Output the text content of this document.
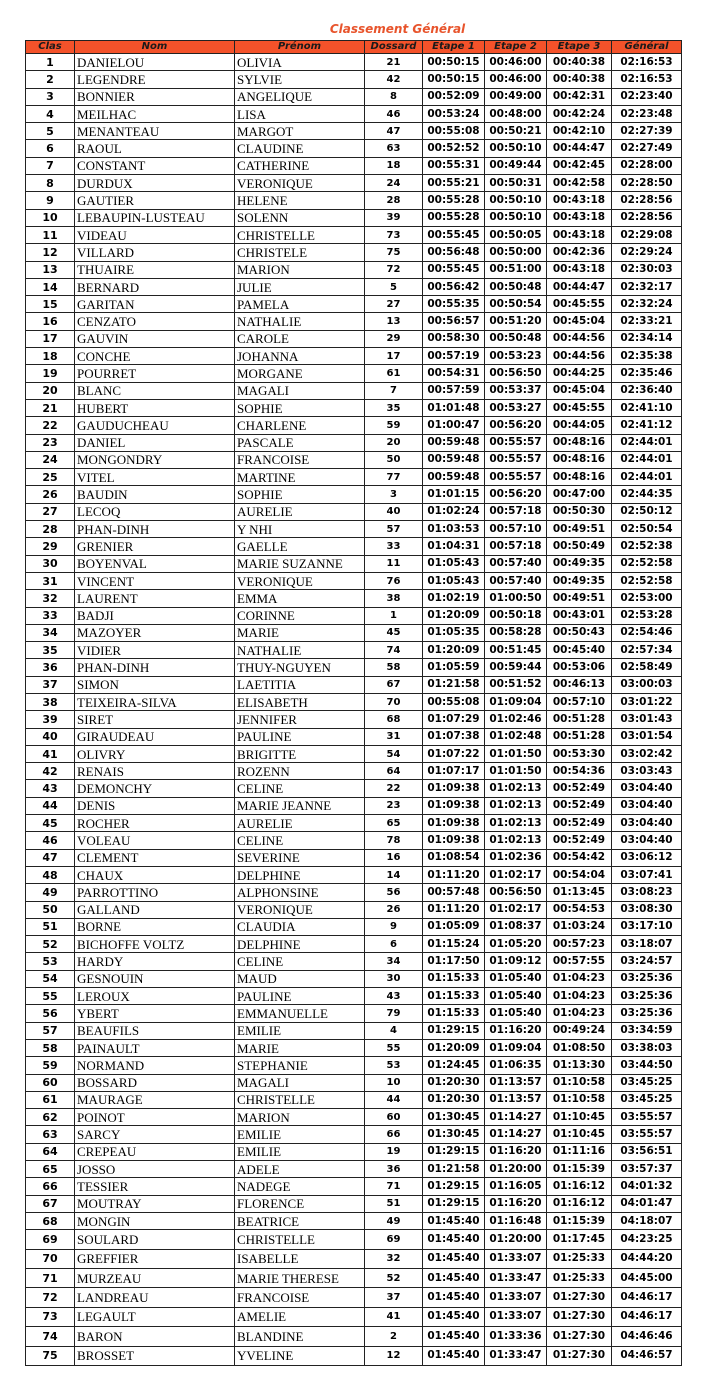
Classement Général
Clas	Nom	Prénom	Dossard	Etape 1	Etape 2	Etape 3	Général
1	DANIELOU	OLIVIA	21	00:50:15	00:46:00	00:40:38	02:16:53
2	LEGENDRE	SYLVIE	42	00:50:15	00:46:00	00:40:38	02:16:53
3	BONNIER	ANGELIQUE	8	00:52:09	00:49:00	00:42:31	02:23:40
4	MEILHAC	LISA	46	00:53:24	00:48:00	00:42:24	02:23:48
5	MENANTEAU	MARGOT	47	00:55:08	00:50:21	00:42:10	02:27:39
6	RAOUL	CLAUDINE	63	00:52:52	00:50:10	00:44:47	02:27:49
7	CONSTANT	CATHERINE	18	00:55:31	00:49:44	00:42:45	02:28:00
8	DURDUX	VERONIQUE	24	00:55:21	00:50:31	00:42:58	02:28:50
9	GAUTIER	HELENE	28	00:55:28	00:50:10	00:43:18	02:28:56
10	LEBAUPIN-LUSTEAU	SOLENN	39	00:55:28	00:50:10	00:43:18	02:28:56
11	VIDEAU	CHRISTELLE	73	00:55:45	00:50:05	00:43:18	02:29:08
12	VILLARD	CHRISTELE	75	00:56:48	00:50:00	00:42:36	02:29:24
13	THUAIRE	MARION	72	00:55:45	00:51:00	00:43:18	02:30:03
14	BERNARD	JULIE	5	00:56:42	00:50:48	00:44:47	02:32:17
15	GARITAN	PAMELA	27	00:55:35	00:50:54	00:45:55	02:32:24
16	CENZATO	NATHALIE	13	00:56:57	00:51:20	00:45:04	02:33:21
17	GAUVIN	CAROLE	29	00:58:30	00:50:48	00:44:56	02:34:14
18	CONCHE	JOHANNA	17	00:57:19	00:53:23	00:44:56	02:35:38
19	POURRET	MORGANE	61	00:54:31	00:56:50	00:44:25	02:35:46
20	BLANC	MAGALI	7	00:57:59	00:53:37	00:45:04	02:36:40
21	HUBERT	SOPHIE	35	01:01:48	00:53:27	00:45:55	02:41:10
22	GAUDUCHEAU	CHARLENE	59	01:00:47	00:56:20	00:44:05	02:41:12
23	DANIEL	PASCALE	20	00:59:48	00:55:57	00:48:16	02:44:01
24	MONGONDRY	FRANCOISE	50	00:59:48	00:55:57	00:48:16	02:44:01
25	VITEL	MARTINE	77	00:59:48	00:55:57	00:48:16	02:44:01
26	BAUDIN	SOPHIE	3	01:01:15	00:56:20	00:47:00	02:44:35
27	LECOQ	AURELIE	40	01:02:24	00:57:18	00:50:30	02:50:12
28	PHAN-DINH	Y NHI	57	01:03:53	00:57:10	00:49:51	02:50:54
29	GRENIER	GAELLE	33	01:04:31	00:57:18	00:50:49	02:52:38
30	BOYENVAL	MARIE SUZANNE	11	01:05:43	00:57:40	00:49:35	02:52:58
31	VINCENT	VERONIQUE	76	01:05:43	00:57:40	00:49:35	02:52:58
32	LAURENT	EMMA	38	01:02:19	01:00:50	00:49:51	02:53:00
33	BADJI	CORINNE	1	01:20:09	00:50:18	00:43:01	02:53:28
34	MAZOYER	MARIE	45	01:05:35	00:58:28	00:50:43	02:54:46
35	VIDIER	NATHALIE	74	01:20:09	00:51:45	00:45:40	02:57:34
36	PHAN-DINH	THUY-NGUYEN	58	01:05:59	00:59:44	00:53:06	02:58:49
37	SIMON	LAETITIA	67	01:21:58	00:51:52	00:46:13	03:00:03
38	TEIXEIRA-SILVA	ELISABETH	70	00:55:08	01:09:04	00:57:10	03:01:22
39	SIRET	JENNIFER	68	01:07:29	01:02:46	00:51:28	03:01:43
40	GIRAUDEAU	PAULINE	31	01:07:38	01:02:48	00:51:28	03:01:54
41	OLIVRY	BRIGITTE	54	01:07:22	01:01:50	00:53:30	03:02:42
42	RENAIS	ROZENN	64	01:07:17	01:01:50	00:54:36	03:03:43
43	DEMONCHY	CELINE	22	01:09:38	01:02:13	00:52:49	03:04:40
44	DENIS	MARIE JEANNE	23	01:09:38	01:02:13	00:52:49	03:04:40
45	ROCHER	AURELIE	65	01:09:38	01:02:13	00:52:49	03:04:40
46	VOLEAU	CELINE	78	01:09:38	01:02:13	00:52:49	03:04:40
47	CLEMENT	SEVERINE	16	01:08:54	01:02:36	00:54:42	03:06:12
48	CHAUX	DELPHINE	14	01:11:20	01:02:17	00:54:04	03:07:41
49	PARROTTINO	ALPHONSINE	56	00:57:48	00:56:50	01:13:45	03:08:23
50	GALLAND	VERONIQUE	26	01:11:20	01:02:17	00:54:53	03:08:30
51	BORNE	CLAUDIA	9	01:05:09	01:08:37	01:03:24	03:17:10
52	BICHOFFE VOLTZ	DELPHINE	6	01:15:24	01:05:20	00:57:23	03:18:07
53	HARDY	CELINE	34	01:17:50	01:09:12	00:57:55	03:24:57
54	GESNOUIN	MAUD	30	01:15:33	01:05:40	01:04:23	03:25:36
55	LEROUX	PAULINE	43	01:15:33	01:05:40	01:04:23	03:25:36
56	YBERT	EMMANUELLE	79	01:15:33	01:05:40	01:04:23	03:25:36
57	BEAUFILS	EMILIE	4	01:29:15	01:16:20	00:49:24	03:34:59
58	PAINAULT	MARIE	55	01:20:09	01:09:04	01:08:50	03:38:03
59	NORMAND	STEPHANIE	53	01:24:45	01:06:35	01:13:30	03:44:50
60	BOSSARD	MAGALI	10	01:20:30	01:13:57	01:10:58	03:45:25
61	MAURAGE	CHRISTELLE	44	01:20:30	01:13:57	01:10:58	03:45:25
62	POINOT	MARION	60	01:30:45	01:14:27	01:10:45	03:55:57
63	SARCY	EMILIE	66	01:30:45	01:14:27	01:10:45	03:55:57
64	CREPEAU	EMILIE	19	01:29:15	01:16:20	01:11:16	03:56:51
65	JOSSO	ADELE	36	01:21:58	01:20:00	01:15:39	03:57:37
66	TESSIER	NADEGE	71	01:29:15	01:16:05	01:16:12	04:01:32
67	MOUTRAY	FLORENCE	51	01:29:15	01:16:20	01:16:12	04:01:47
68	MONGIN	BEATRICE	49	01:45:40	01:16:48	01:15:39	04:18:07
69	SOULARD	CHRISTELLE	69	01:45:40	01:20:00	01:17:45	04:23:25
70	GREFFIER	ISABELLE	32	01:45:40	01:33:07	01:25:33	04:44:20
71	MURZEAU	MARIE THERESE	52	01:45:40	01:33:47	01:25:33	04:45:00
72	LANDREAU	FRANCOISE	37	01:45:40	01:33:07	01:27:30	04:46:17
73	LEGAULT	AMELIE	41	01:45:40	01:33:07	01:27:30	04:46:17
74	BARON	BLANDINE	2	01:45:40	01:33:36	01:27:30	04:46:46
75	BROSSET	YVELINE	12	01:45:40	01:33:47	01:27:30	04:46:57
